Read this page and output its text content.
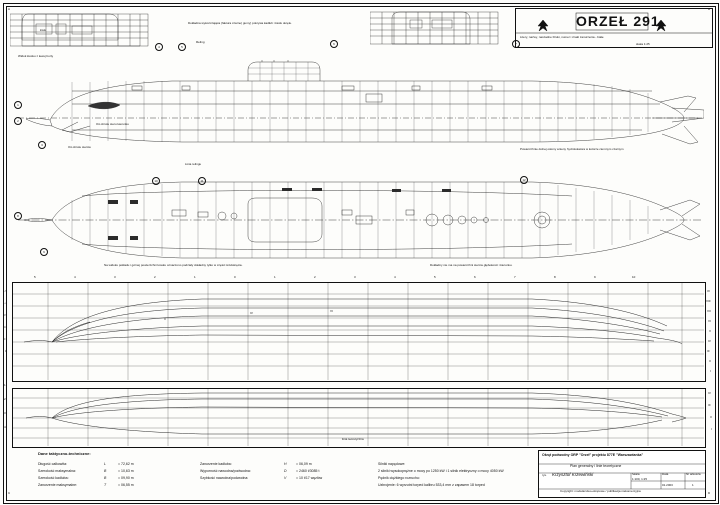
ORZEŁ 291
Litery, nazwy, naszadne Druki, numer i znaki zanurzenia - białe
skala 1:25
kiosk
Widok kiosku z lewej burty
Dokładna wykończająca (faktura czarne) gumy) pokrywa kadłub i kiosk okrętu.
Reling
Oś obrotu sterów
Oś obrotu steru kierunku
Powierzchnie dolnej osłony anteny hydrolokatora w kolorze ciemnym czarnym
Linia relingu
1
2
3
4	5
6	7
Na widoku pokładu i górnej powierzchni kiosku oznaczono podziały dokładny tylko w części śródokręcia.	Dokładny nie ma na powierzchni sterów głębokości i kierunku.
8
9
10	11	12
II
IV	VI
5	4	3	2	1	0	1	2	3	4	5	6	7	8	9	10
1.5
1.2
0.9
0.6
0.3
0
IX
VIII
VII
VI
V
IV
III
II
I
linia teoretyczna
IV
III
II
I
1
2
3
4
Dane taktyczno-techniczne:
Długość całkowita:	L	= 72,62 m
Szerokość maksymalna:	B	= 10,63 m
Szerokość kadłuba:	B	= 09,90 m
Zanurzenie maksymalne:	T	= 06,55 m
Zanurzenie kadłuba:	H	= 06,09 m
Wyporność nawodna/podwodna:	D	= 2460 t/3085 t
Szybkość nawodna/podwodna:	V	= 10 t/17 węzłów
Silniki napędowe:
2 silniki wysokoprężne o mocy po 1250 kW i 1 silnik elektryczny o mocy 4050 kW
Pędnik ciężkiego rozruchu:
Uzbrojenie: 6 wyrzutni torped kalibru 533,4 mm z zapasem 18 torped
Okręt podwodny ORP "Orzeł" projektu 877E "Warszawianka"
Plan generalny i linie teoretyczne
rys. Krzysztof Krzewiński	Skala
1:100, 1:25
Data
01.2003
Nr arkusza
1
Copyright: modelarstwo-okrętowe / publikacja niekomercyjna
A	B
C	D
